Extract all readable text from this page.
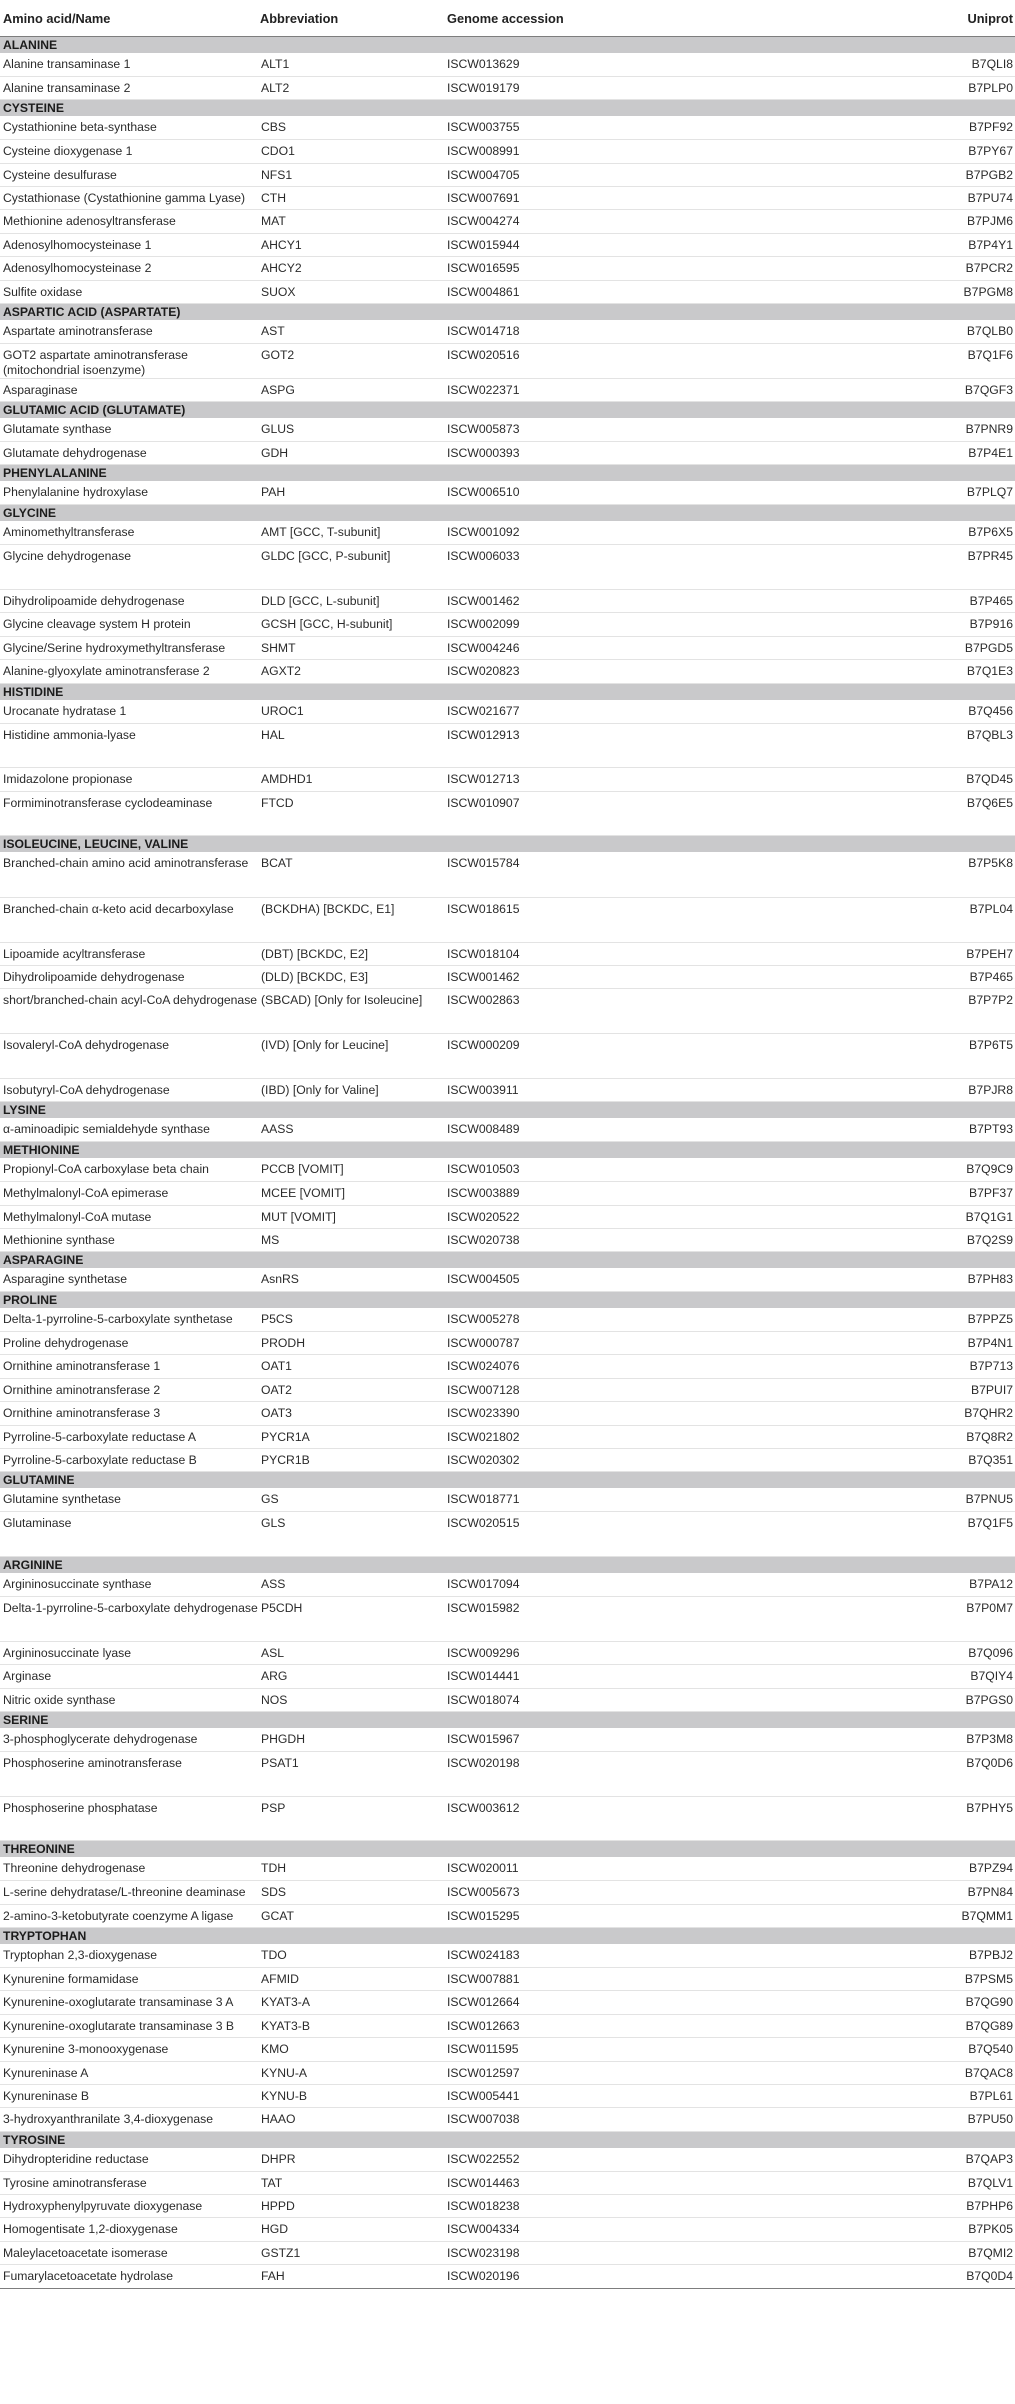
Amino acid/Name	Abbreviation	Genome accession	Uniprot
ALANINE			
Alanine transaminase 1	ALT1	ISCW013629	B7QLI8
Alanine transaminase 2	ALT2	ISCW019179	B7PLP0
CYSTEINE			
Cystathionine beta-synthase	CBS	ISCW003755	B7PF92
Cysteine dioxygenase 1	CDO1	ISCW008991	B7PY67
Cysteine desulfurase	NFS1	ISCW004705	B7PGB2
Cystathionase (Cystathionine gamma Lyase)	CTH	ISCW007691	B7PU74
Methionine adenosyltransferase	MAT	ISCW004274	B7PJM6
Adenosylhomocysteinase 1	AHCY1	ISCW015944	B7P4Y1
Adenosylhomocysteinase 2	AHCY2	ISCW016595	B7PCR2
Sulfite oxidase	SUOX	ISCW004861	B7PGM8
ASPARTIC ACID (ASPARTATE)			
Aspartate aminotransferase	AST	ISCW014718	B7QLB0
GOT2 aspartate aminotransferase (mitochondrial isoenzyme)	GOT2	ISCW020516	B7Q1F6
Asparaginase	ASPG	ISCW022371	B7QGF3
GLUTAMIC ACID (GLUTAMATE)			
Glutamate synthase	GLUS	ISCW005873	B7PNR9
Glutamate dehydrogenase	GDH	ISCW000393	B7P4E1
PHENYLALANINE			
Phenylalanine hydroxylase	PAH	ISCW006510	B7PLQ7
GLYCINE			
Aminomethyltransferase	AMT [GCC, T-subunit]	ISCW001092	B7P6X5
Glycine dehydrogenase	GLDC [GCC, P-subunit]	ISCW006033	B7PR45
Dihydrolipoamide dehydrogenase	DLD [GCC, L-subunit]	ISCW001462	B7P465
Glycine cleavage system H protein	GCSH [GCC, H-subunit]	ISCW002099	B7P916
Glycine/Serine hydroxymethyltransferase	SHMT	ISCW004246	B7PGD5
Alanine-glyoxylate aminotransferase 2	AGXT2	ISCW020823	B7Q1E3
HISTIDINE			
Urocanate hydratase 1	UROC1	ISCW021677	B7Q456
Histidine ammonia-lyase	HAL	ISCW012913	B7QBL3
Imidazolone propionase	AMDHD1	ISCW012713	B7QD45
Formiminotransferase cyclodeaminase	FTCD	ISCW010907	B7Q6E5
ISOLEUCINE, LEUCINE, VALINE			
Branched-chain amino acid aminotransferase	BCAT	ISCW015784	B7P5K8
Branched-chain α-keto acid decarboxylase	(BCKDHA) [BCKDC, E1]	ISCW018615	B7PL04
Lipoamide acyltransferase	(DBT) [BCKDC, E2]	ISCW018104	B7PEH7
Dihydrolipoamide dehydrogenase	(DLD) [BCKDC, E3]	ISCW001462	B7P465
short/branched-chain acyl-CoA dehydrogenase	(SBCAD) [Only for Isoleucine]	ISCW002863	B7P7P2
Isovaleryl-CoA dehydrogenase	(IVD) [Only for Leucine]	ISCW000209	B7P6T5
Isobutyryl-CoA dehydrogenase	(IBD) [Only for Valine]	ISCW003911	B7PJR8
LYSINE			
α-aminoadipic semialdehyde synthase	AASS	ISCW008489	B7PT93
METHIONINE			
Propionyl-CoA carboxylase beta chain	PCCB [VOMIT]	ISCW010503	B7Q9C9
Methylmalonyl-CoA epimerase	MCEE [VOMIT]	ISCW003889	B7PF37
Methylmalonyl-CoA mutase	MUT [VOMIT]	ISCW020522	B7Q1G1
Methionine synthase	MS	ISCW020738	B7Q2S9
ASPARAGINE			
Asparagine synthetase	AsnRS	ISCW004505	B7PH83
PROLINE			
Delta-1-pyrroline-5-carboxylate synthetase	P5CS	ISCW005278	B7PPZ5
Proline dehydrogenase	PRODH	ISCW000787	B7P4N1
Ornithine aminotransferase 1	OAT1	ISCW024076	B7P713
Ornithine aminotransferase 2	OAT2	ISCW007128	B7PUI7
Ornithine aminotransferase 3	OAT3	ISCW023390	B7QHR2
Pyrroline-5-carboxylate reductase A	PYCR1A	ISCW021802	B7Q8R2
Pyrroline-5-carboxylate reductase B	PYCR1B	ISCW020302	B7Q351
GLUTAMINE			
Glutamine synthetase	GS	ISCW018771	B7PNU5
Glutaminase	GLS	ISCW020515	B7Q1F5
ARGININE			
Argininosuccinate synthase	ASS	ISCW017094	B7PA12
Delta-1-pyrroline-5-carboxylate dehydrogenase	P5CDH	ISCW015982	B7P0M7
Argininosuccinate lyase	ASL	ISCW009296	B7Q096
Arginase	ARG	ISCW014441	B7QIY4
Nitric oxide synthase	NOS	ISCW018074	B7PGS0
SERINE			
3-phosphoglycerate dehydrogenase	PHGDH	ISCW015967	B7P3M8
Phosphoserine aminotransferase	PSAT1	ISCW020198	B7Q0D6
Phosphoserine phosphatase	PSP	ISCW003612	B7PHY5
THREONINE			
Threonine dehydrogenase	TDH	ISCW020011	B7PZ94
L-serine dehydratase/L-threonine deaminase	SDS	ISCW005673	B7PN84
2-amino-3-ketobutyrate coenzyme A ligase	GCAT	ISCW015295	B7QMM1
TRYPTOPHAN			
Tryptophan 2,3-dioxygenase	TDO	ISCW024183	B7PBJ2
Kynurenine formamidase	AFMID	ISCW007881	B7PSM5
Kynurenine-oxoglutarate transaminase 3 A	KYAT3-A	ISCW012664	B7QG90
Kynurenine-oxoglutarate transaminase 3 B	KYAT3-B	ISCW012663	B7QG89
Kynurenine 3-monooxygenase	KMO	ISCW011595	B7Q540
Kynureninase A	KYNU-A	ISCW012597	B7QAC8
Kynureninase B	KYNU-B	ISCW005441	B7PL61
3-hydroxyanthranilate 3,4-dioxygenase	HAAO	ISCW007038	B7PU50
TYROSINE			
Dihydropteridine reductase	DHPR	ISCW022552	B7QAP3
Tyrosine aminotransferase	TAT	ISCW014463	B7QLV1
Hydroxyphenylpyruvate dioxygenase	HPPD	ISCW018238	B7PHP6
Homogentisate 1,2-dioxygenase	HGD	ISCW004334	B7PK05
Maleylacetoacetate isomerase	GSTZ1	ISCW023198	B7QMI2
Fumarylacetoacetate hydrolase	FAH	ISCW020196	B7Q0D4
